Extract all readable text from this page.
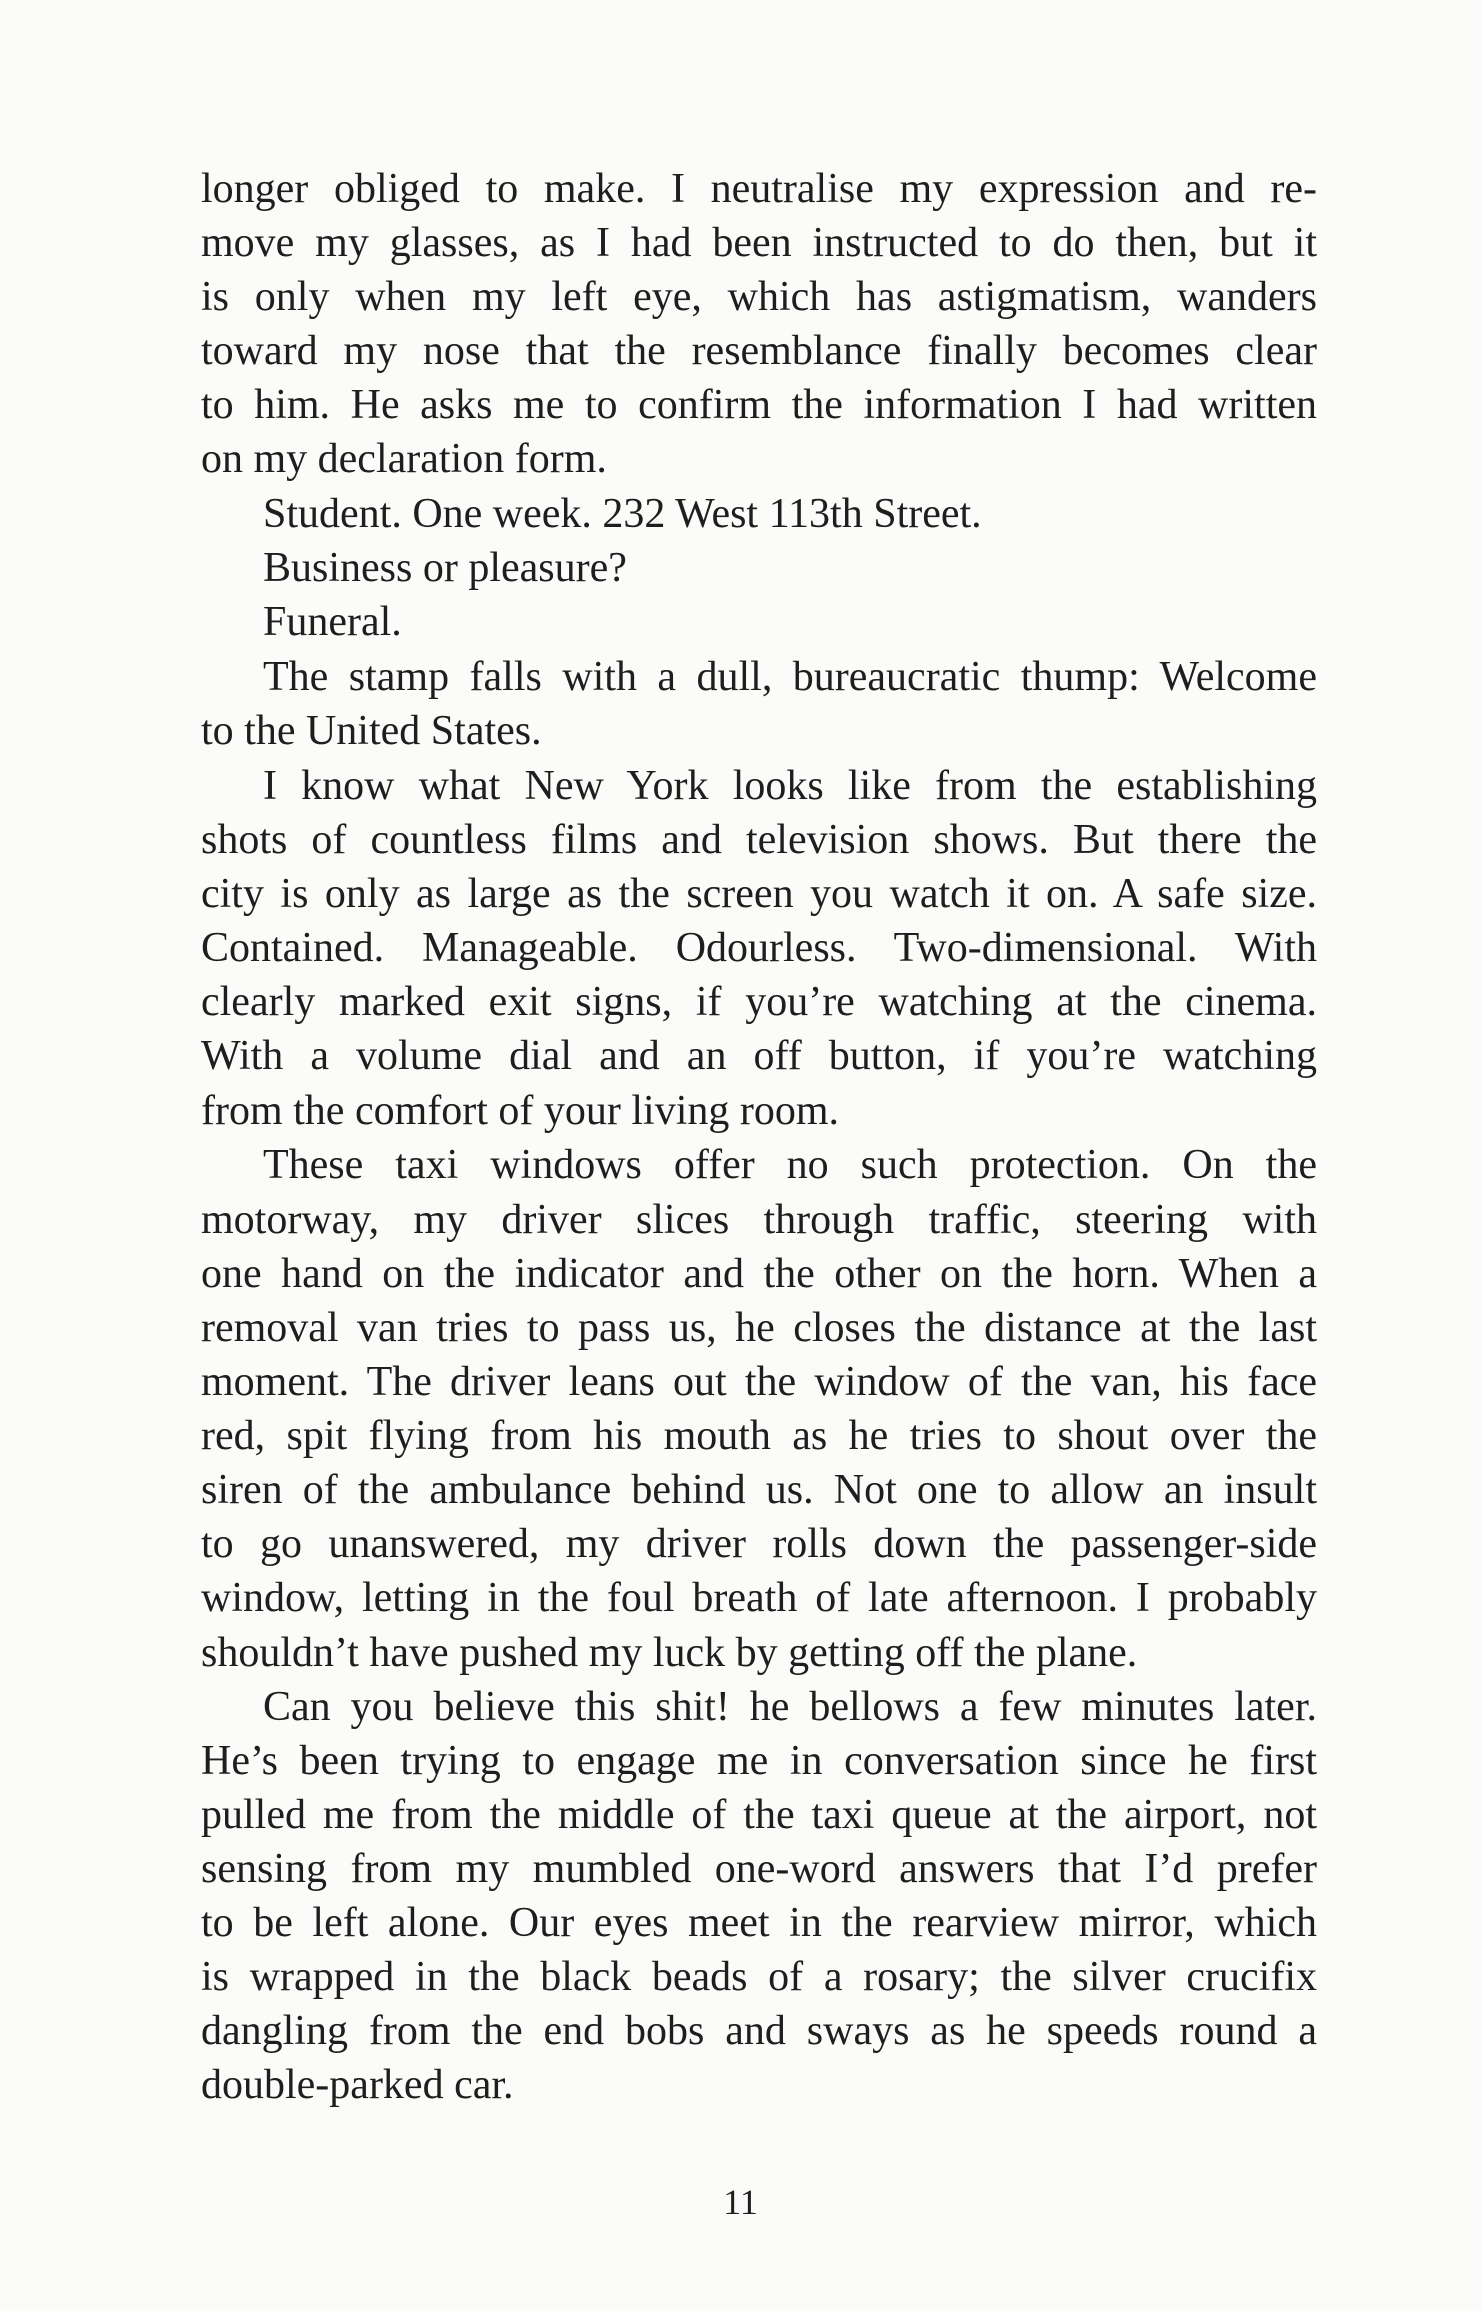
longer obliged to make. I neutralise my expression and re-
move my glasses, as I had been instructed to do then, but it
is only when my left eye, which has astigmatism, wanders
toward my nose that the resemblance finally becomes clear
to him. He asks me to confirm the information I had written
on my declaration form.
Student. One week. 232 West 113th Street.
Business or pleasure?
Funeral.
The stamp falls with a dull, bureaucratic thump: Welcome
to the United States.
I know what New York looks like from the establishing
shots of countless films and television shows. But there the
city is only as large as the screen you watch it on. A safe size.
Contained. Manageable. Odourless. Two-dimensional. With
clearly marked exit signs, if you’re watching at the cinema.
With a volume dial and an off button, if you’re watching
from the comfort of your living room.
These taxi windows offer no such protection. On the
motorway, my driver slices through traffic, steering with
one hand on the indicator and the other on the horn. When a
removal van tries to pass us, he closes the distance at the last
moment. The driver leans out the window of the van, his face
red, spit flying from his mouth as he tries to shout over the
siren of the ambulance behind us. Not one to allow an insult
to go unanswered, my driver rolls down the passenger-side
window, letting in the foul breath of late afternoon. I probably
shouldn’t have pushed my luck by getting off the plane.
Can you believe this shit! he bellows a few minutes later.
He’s been trying to engage me in conversation since he first
pulled me from the middle of the taxi queue at the airport, not
sensing from my mumbled one-word answers that I’d prefer
to be left alone. Our eyes meet in the rearview mirror, which
is wrapped in the black beads of a rosary; the silver crucifix
dangling from the end bobs and sways as he speeds round a
double-parked car.
11
